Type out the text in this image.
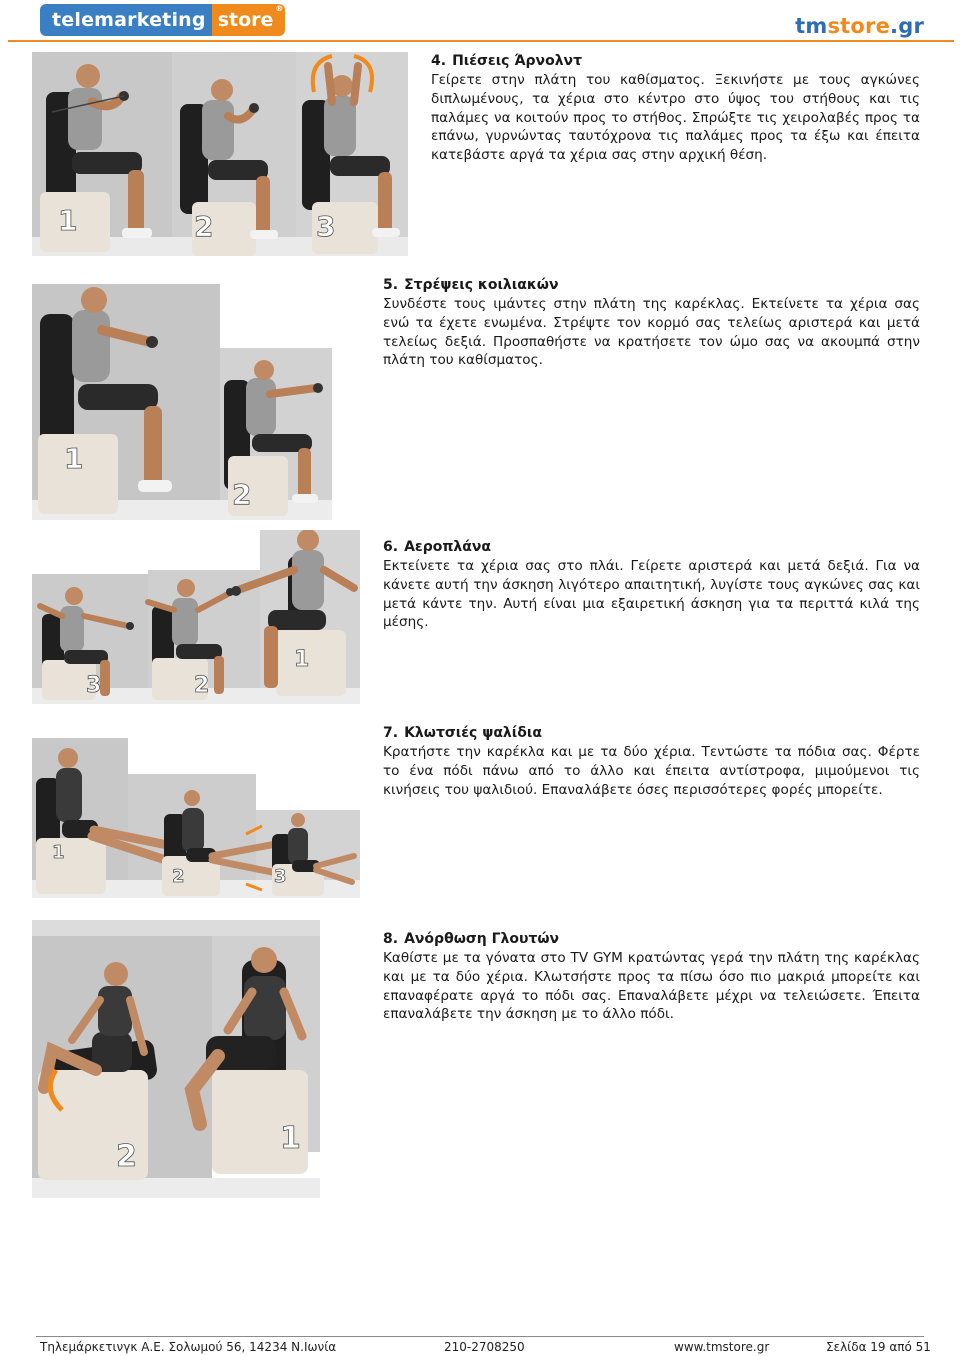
telemarketing store
®
tmstore.gr
1	2	3
4. Πιέσεις Άρνολντ
Γείρετε στην πλάτη του καθίσματος. Ξεκινήστε με τους αγκώνες διπλωμένους, τα χέρια στο κέντρο στο ύψος του στήθους και τις παλάμες να κοιτούν προς το στήθος. Σπρώξτε τις χειρολαβές προς τα επάνω, γυρνώντας ταυτόχρονα τις παλάμες προς τα έξω και έπειτα κατεβάστε αργά τα χέρια σας στην αρχική θέση.
1
2
5. Στρέψεις κοιλιακών
Συνδέστε τους ιμάντες στην πλάτη της καρέκλας. Εκτείνετε τα χέρια σας ενώ τα έχετε ενωμένα. Στρέψτε τον κορμό σας τελείως αριστερά και μετά τελείως δεξιά. Προσπαθήστε να κρατήσετε τον ώμο σας να ακουμπά στην πλάτη του καθίσματος.
3	2
1
6. Αεροπλάνα
Εκτείνετε τα χέρια σας στο πλάι. Γείρετε αριστερά και μετά δεξιά. Για να κάνετε αυτή την άσκηση λιγότερο απαιτητική, λυγίστε τους αγκώνες σας και μετά κάντε την. Αυτή είναι μια εξαιρετική άσκηση για τα περιττά κιλά της μέσης.
1
2	3
7. Κλωτσιές ψαλίδια
Κρατήστε την καρέκλα και με τα δύο χέρια. Τεντώστε τα πόδια σας. Φέρτε το ένα πόδι πάνω από το άλλο και έπειτα αντίστροφα, μιμούμενοι τις κινήσεις του ψαλιδιού. Επαναλάβετε όσες περισσότερες φορές μπορείτε.
2
1
8. Ανόρθωση Γλουτών
Καθίστε με τα γόνατα στο TV GYM κρατώντας γερά την πλάτη της καρέκλας και με τα δύο χέρια. Κλωτσήστε προς τα πίσω όσο πιο μακριά μπορείτε και επαναφέρατε αργά το πόδι σας. Επαναλάβετε μέχρι να τελειώσετε. Έπειτα επαναλάβετε την άσκηση με το άλλο πόδι.
Τηλεμάρκετινγκ Α.Ε. Σολωμού 56, 14234 Ν.Ιωνία	210-2708250	www.tmstore.gr	Σελίδα 19 από 51
